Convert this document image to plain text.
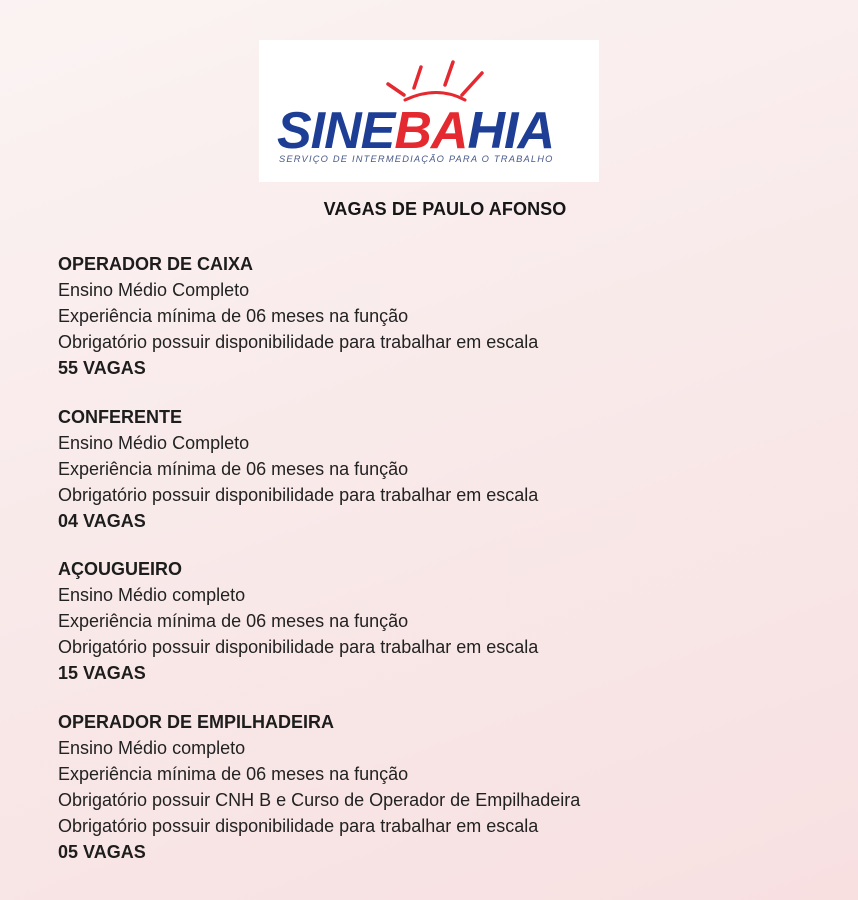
SINEBAHIA
SERVIÇO DE INTERMEDIAÇÃO PARA O TRABALHO
VAGAS DE PAULO AFONSO
OPERADOR DE CAIXA
Ensino Médio Completo
Experiência mínima de 06 meses na função
Obrigatório possuir disponibilidade para trabalhar em escala
55 VAGAS
CONFERENTE
Ensino Médio Completo
Experiência mínima de 06 meses na função
Obrigatório possuir disponibilidade para trabalhar em escala
04 VAGAS
AÇOUGUEIRO
Ensino Médio completo
Experiência mínima de 06 meses na função
Obrigatório possuir disponibilidade para trabalhar em escala
15 VAGAS
OPERADOR DE EMPILHADEIRA
Ensino Médio completo
Experiência mínima de 06 meses na função
Obrigatório possuir CNH B e Curso de Operador de Empilhadeira
Obrigatório possuir disponibilidade para trabalhar em escala
05 VAGAS
